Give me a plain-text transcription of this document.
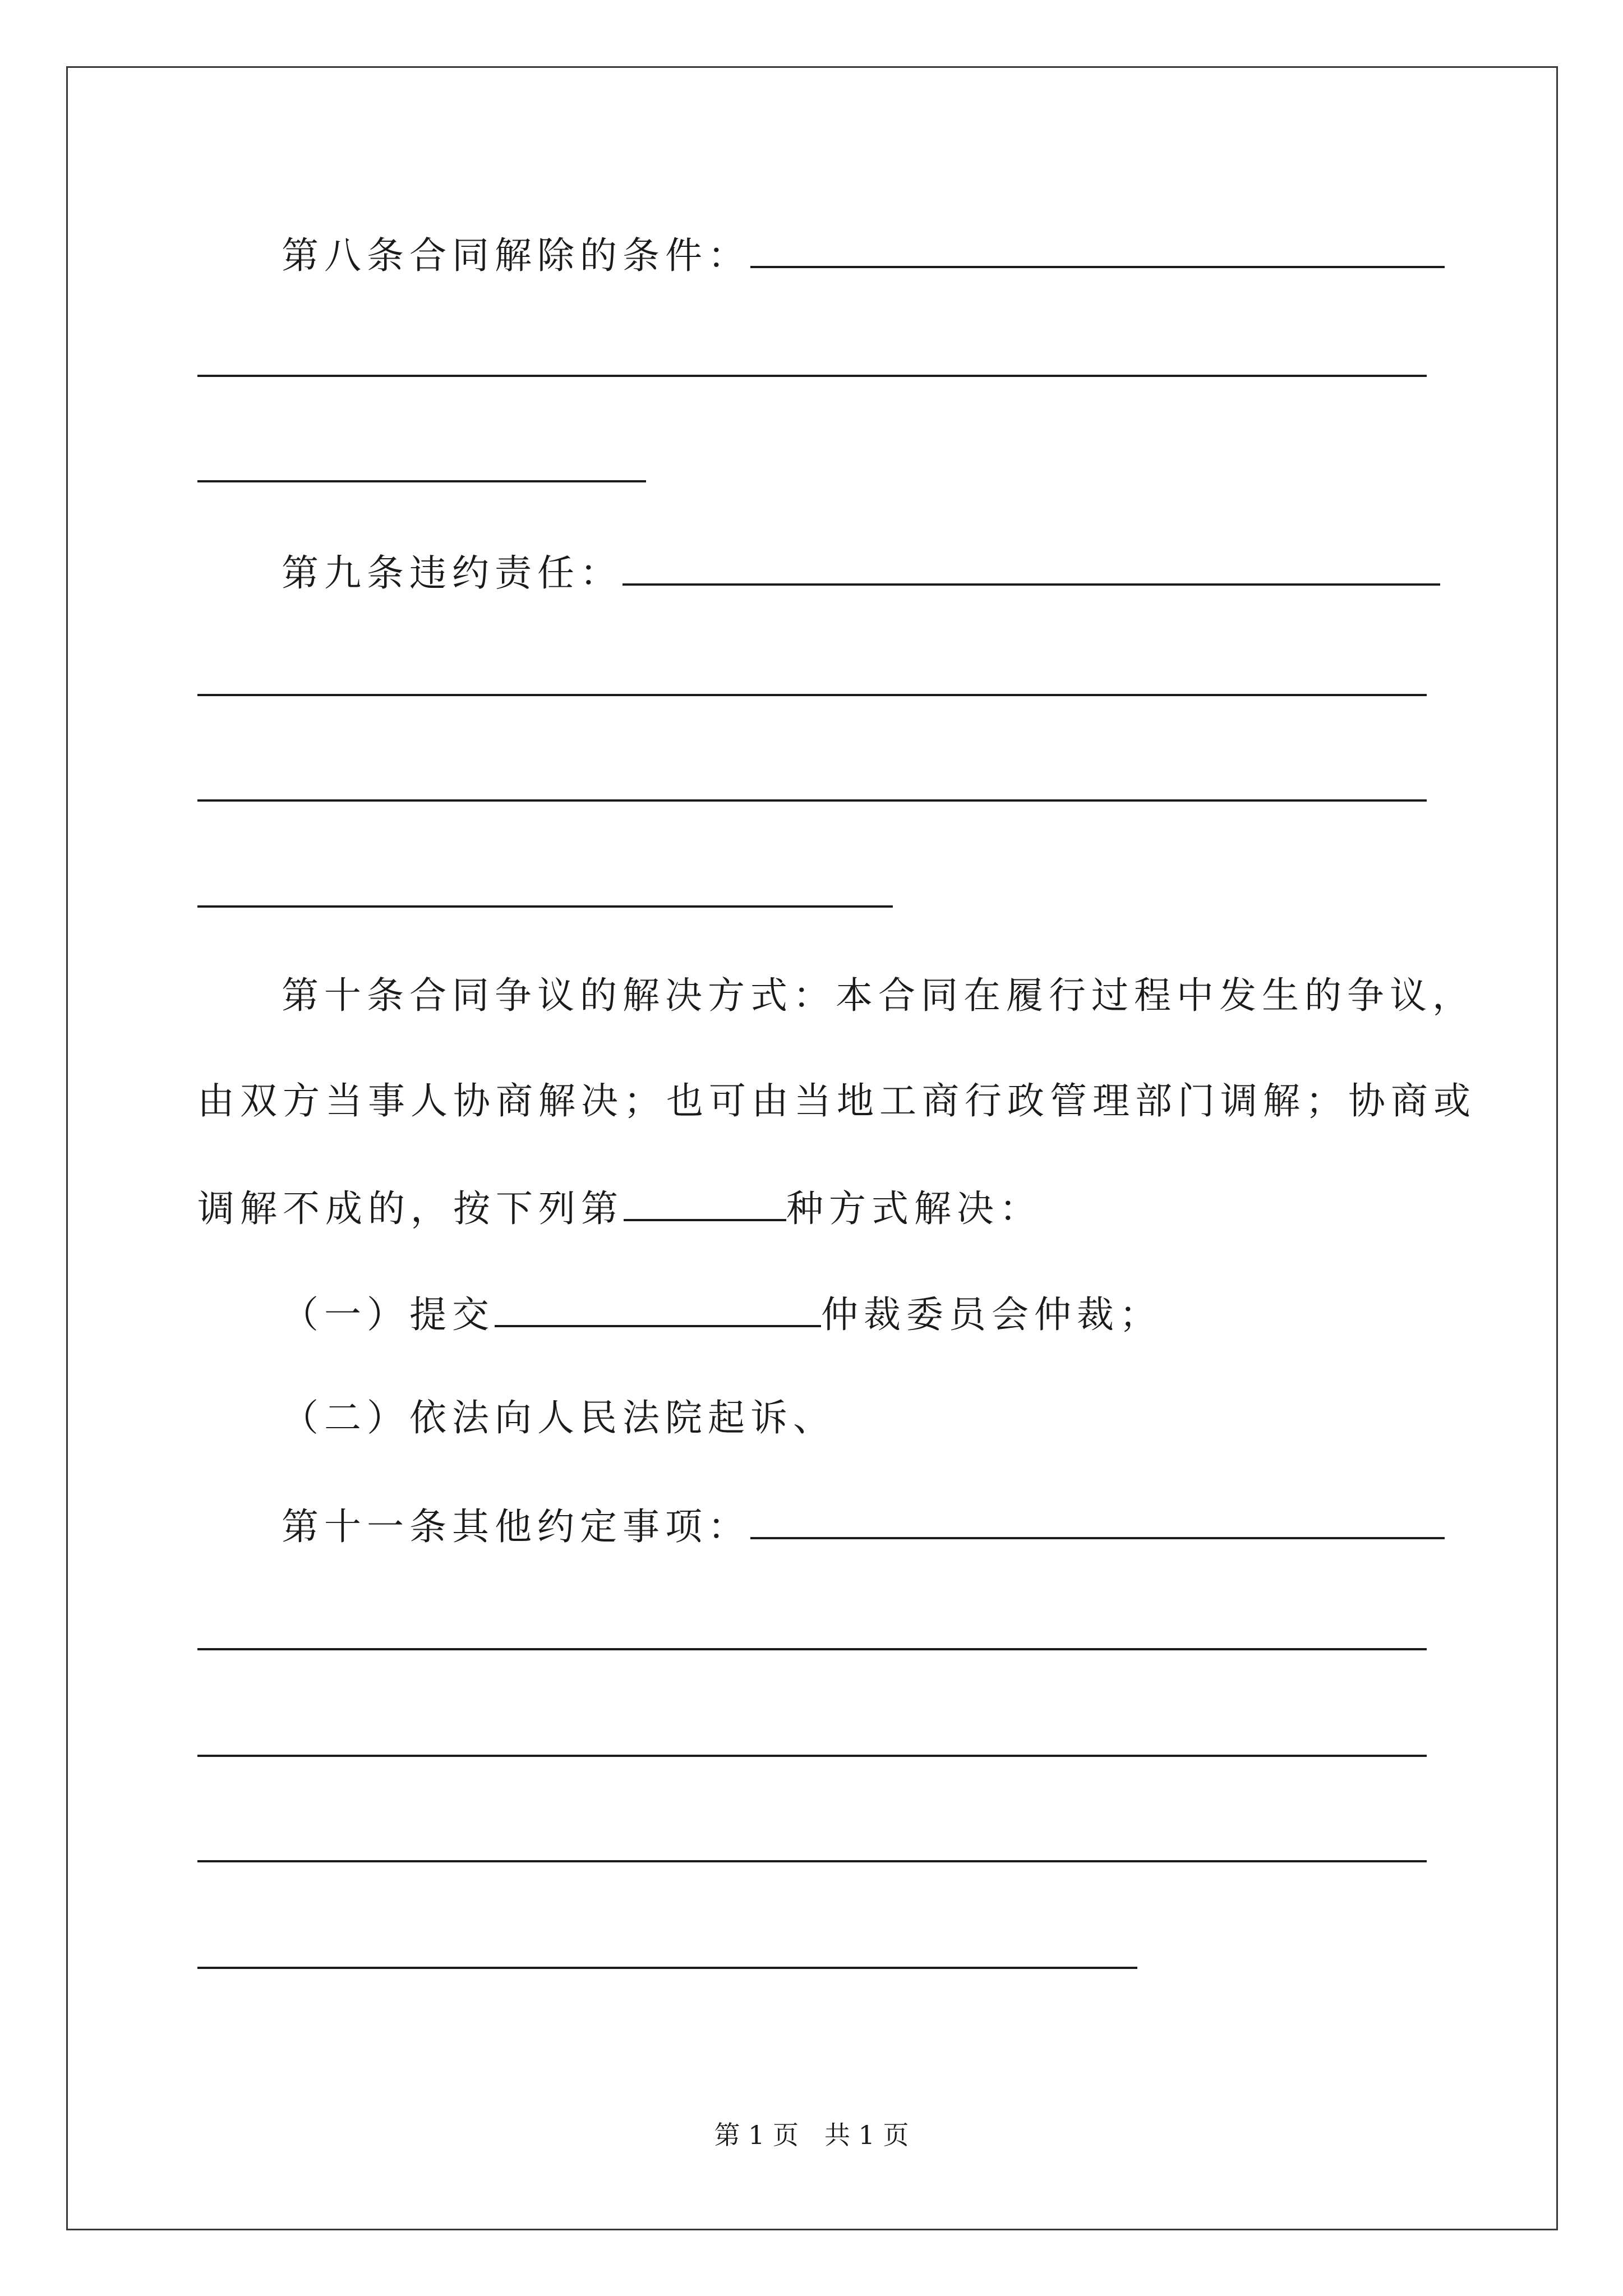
第八条合同解除的条件：
第九条违约责任：
第十条合同争议的解决方式：本合同在履行过程中发生的争议，
由双方当事人协商解决；也可由当地工商行政管理部门调解；协商或
调解不成的，按下列第	种方式解决：
（一）提交	仲裁委员会仲裁；
（二）依法向人民法院起诉、
第十一条其他约定事项：
第 1 页　共 1 页
